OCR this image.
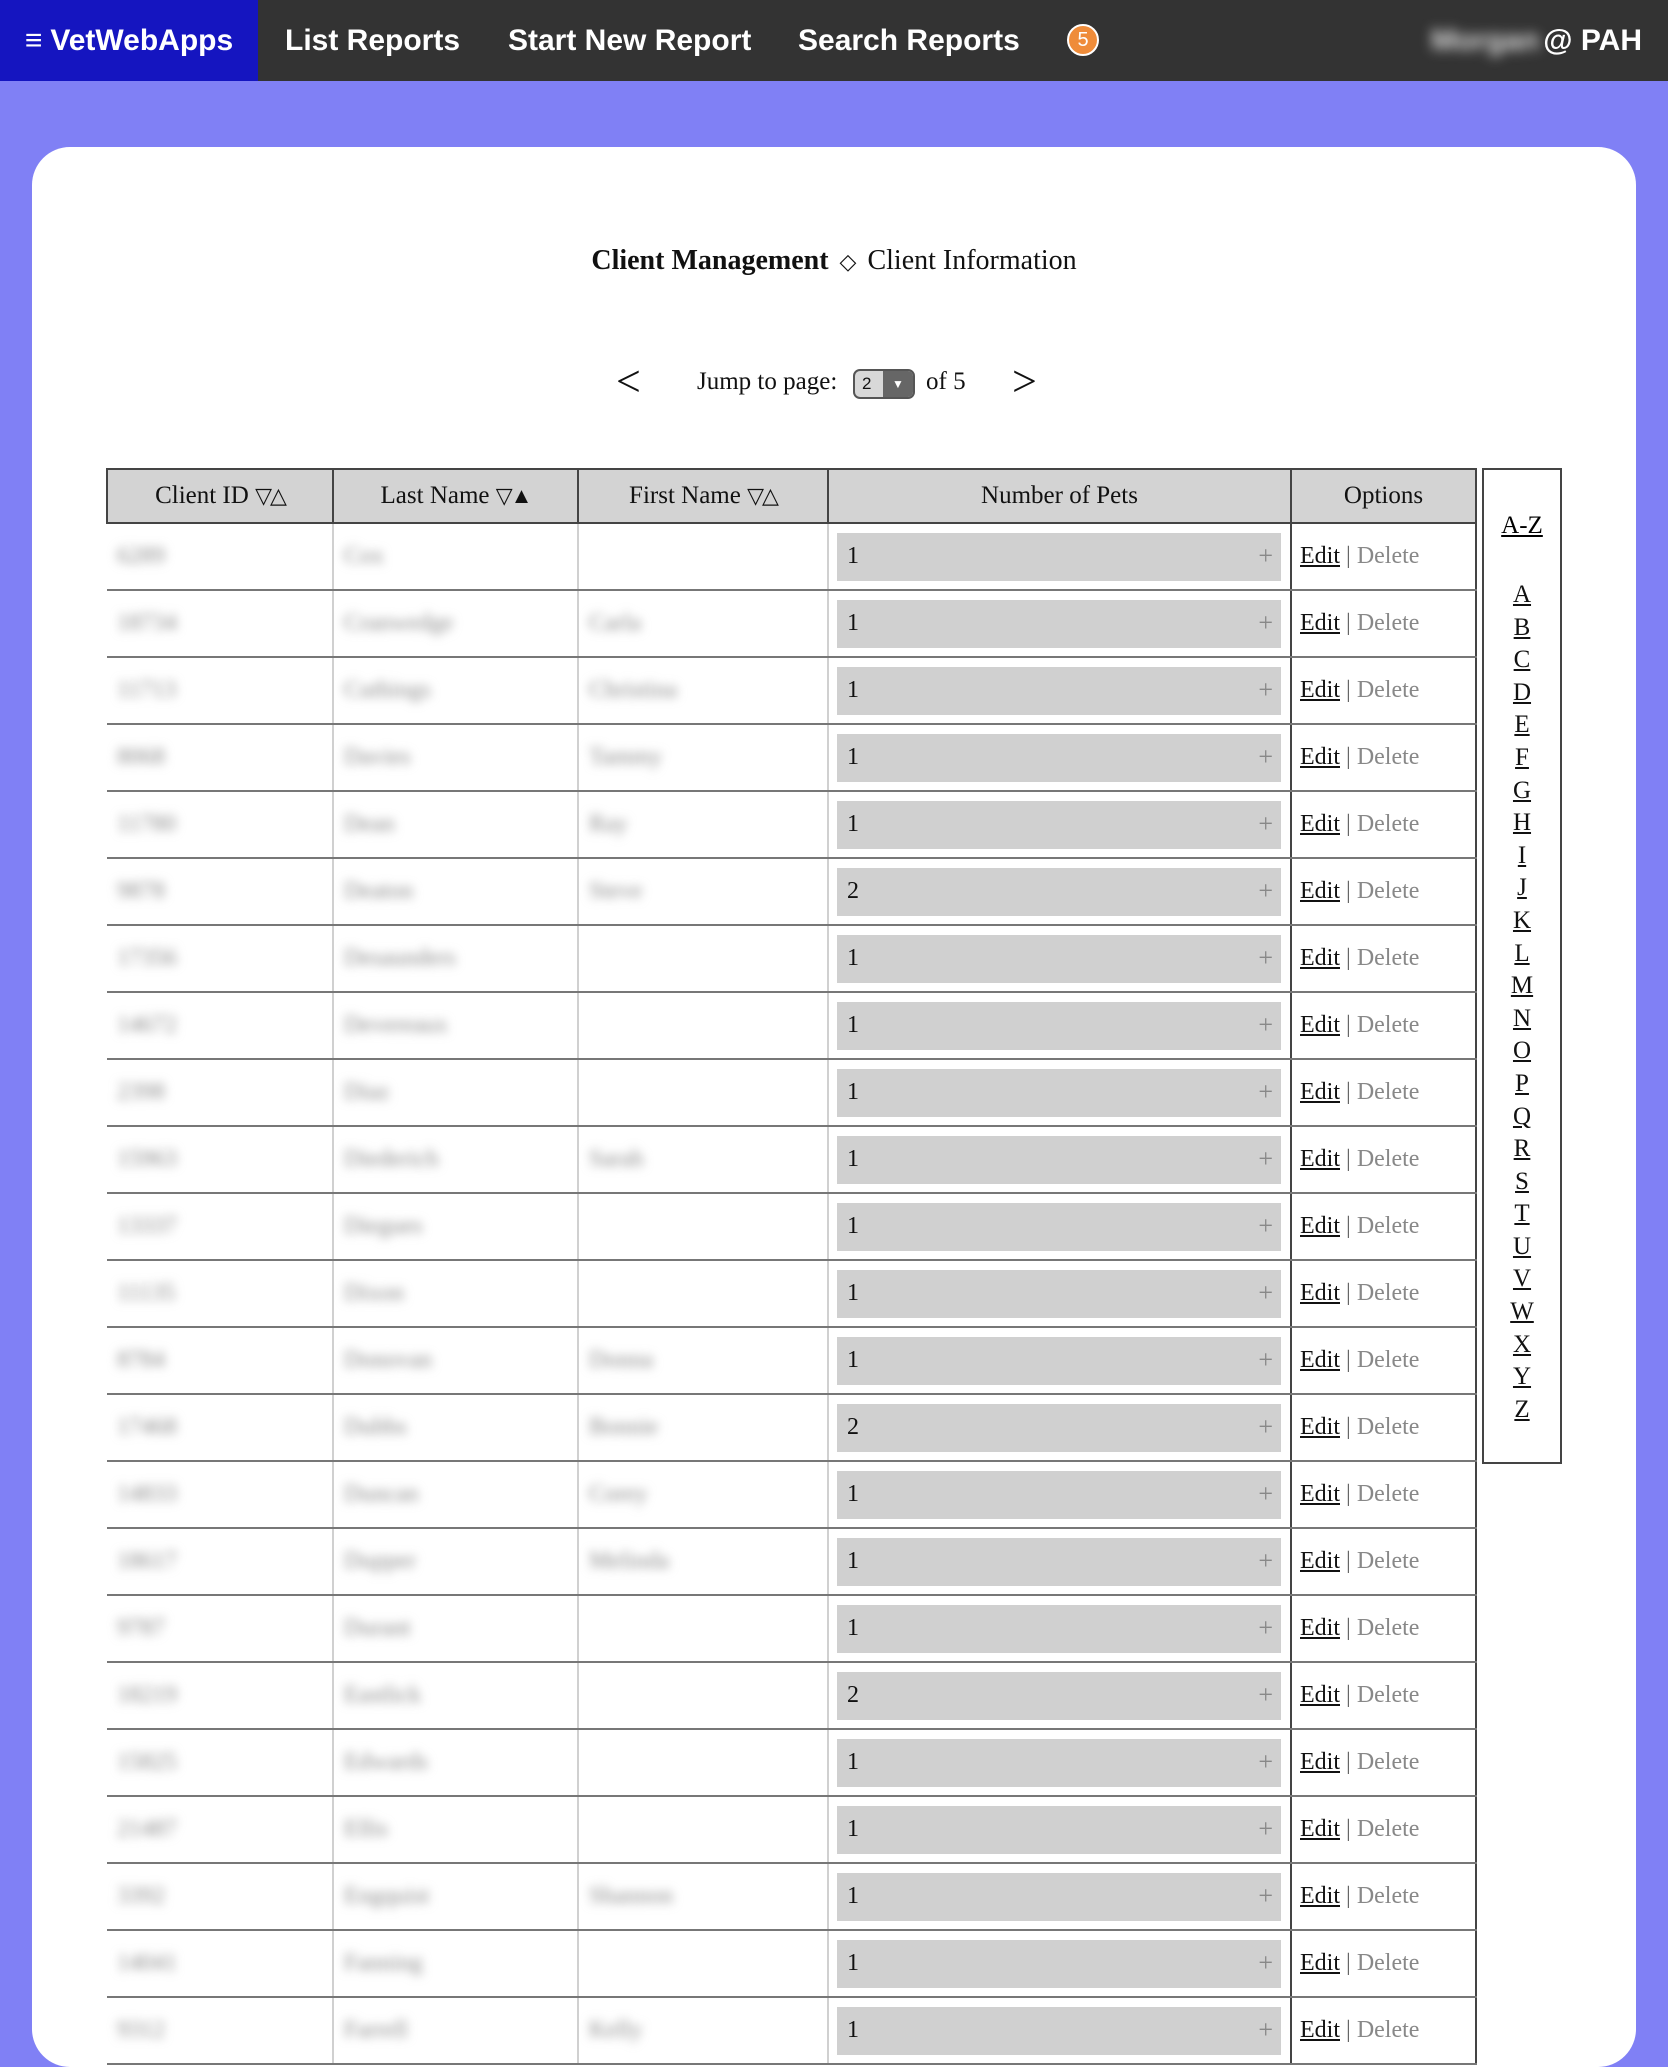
≡ VetWebApps List Reports Start New Report Search Reports	5	Morgan @ PAH
Client Management ◇ Client Information
< Jump to page: 2	▼ of 5 >
Client ID ▽△	Last Name ▽▲	First Name ▽△	Number of Pets	Options

6289	Cox		1 +	Edit | Delete

18734	Cranwedge	Carla	1 +	Edit | Delete

11713	Cuthings	Christina	1 +	Edit | Delete

8068	Davies	Tammy	1 +	Edit | Delete

11780	Dean	Ray	1 +	Edit | Delete

9878	Deaton	Steve	2 +	Edit | Delete

17356	Desaunders		1 +	Edit | Delete

14672	Devereaux		1 +	Edit | Delete

2398	Diaz		1 +	Edit | Delete

15963	Diederich	Sarah	1 +	Edit | Delete

13337	Diegues		1 +	Edit | Delete

11135	Dixon		1 +	Edit | Delete

8784	Donovan	Donna	1 +	Edit | Delete

17468	Dubbs	Bonnie	2 +	Edit | Delete

14833	Duncan	Corey	1 +	Edit | Delete

18617	Dupper	Melinda	1 +	Edit | Delete

9787	Durant		1 +	Edit | Delete

18219	Eastlick		2 +	Edit | Delete

15825	Edwards		1 +	Edit | Delete

21487	Ellis		1 +	Edit | Delete

3392	Engquist	Shannon	1 +	Edit | Delete

14041	Fanning		1 +	Edit | Delete

9312	Farrell	Kelly	1 +	Edit | Delete
A-Z
A
B
C
D
E
F
G
H
I
J
K
L
M
N
O
P
Q
R
S
T
U
V
W
X
Y
Z
